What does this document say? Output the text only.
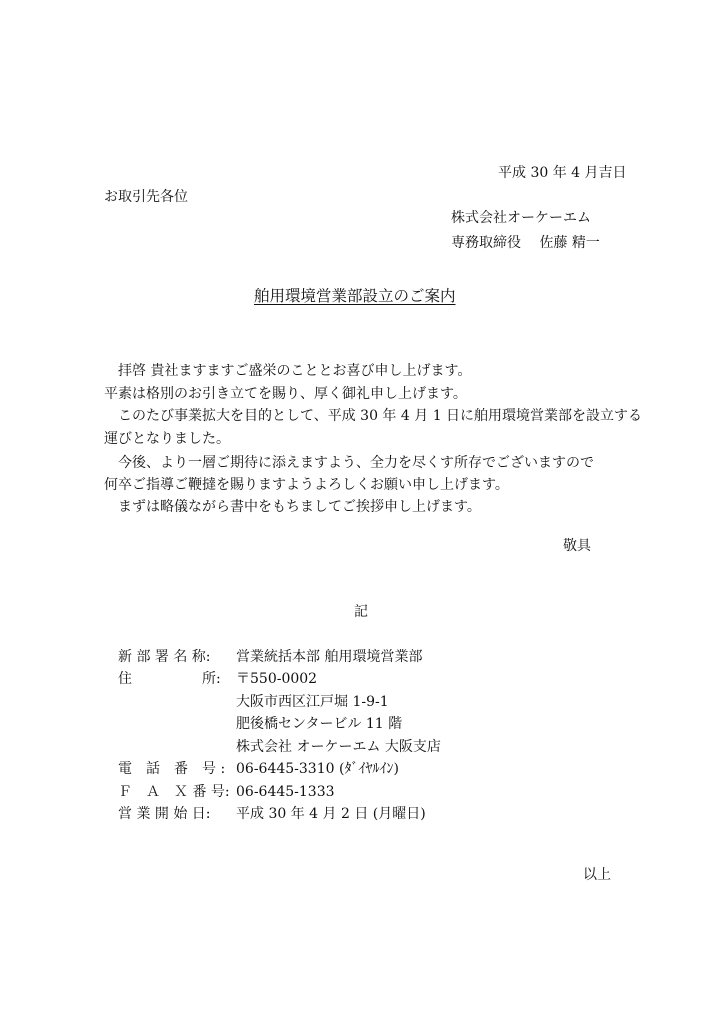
平成 30 年 4 月吉日
お取引先各位
株式会社オーケーエム
専務取締役　 佐藤 精一
舶用環境営業部設立のご案内
　拝啓 貴社ますますご盛栄のこととお喜び申し上げます。
平素は格別のお引き立てを賜り、厚く御礼申し上げます。
　このたび事業拡大を目的として、平成 30 年 4 月 1 日に舶用環境営業部を設立する
運びとなりました。
　今後、より一層ご期待に添えますよう、全力を尽くす所存でございますので
何卒ご指導ご鞭撻を賜りますようよろしくお願い申し上げます。
　まずは略儀ながら書中をもちましてご挨拶申し上げます。
敬具
記
新 部 署 名 称:	営業統括本部 舶用環境営業部
住　　　　　所:	〒550-0002
大阪市西区江戸堀 1-9-1
肥後橋センタービル 11 階
株式会社 オーケーエム 大阪支店
電　話　番　号 : 06-6445-3310 (ﾀﾞｲﾔﾙｲﾝ)
Ｆ　Ａ　Ｘ 番 号: 06-6445-1333
営 業 開 始 日:	平成 30 年 4 月 2 日 (月曜日)
以上
